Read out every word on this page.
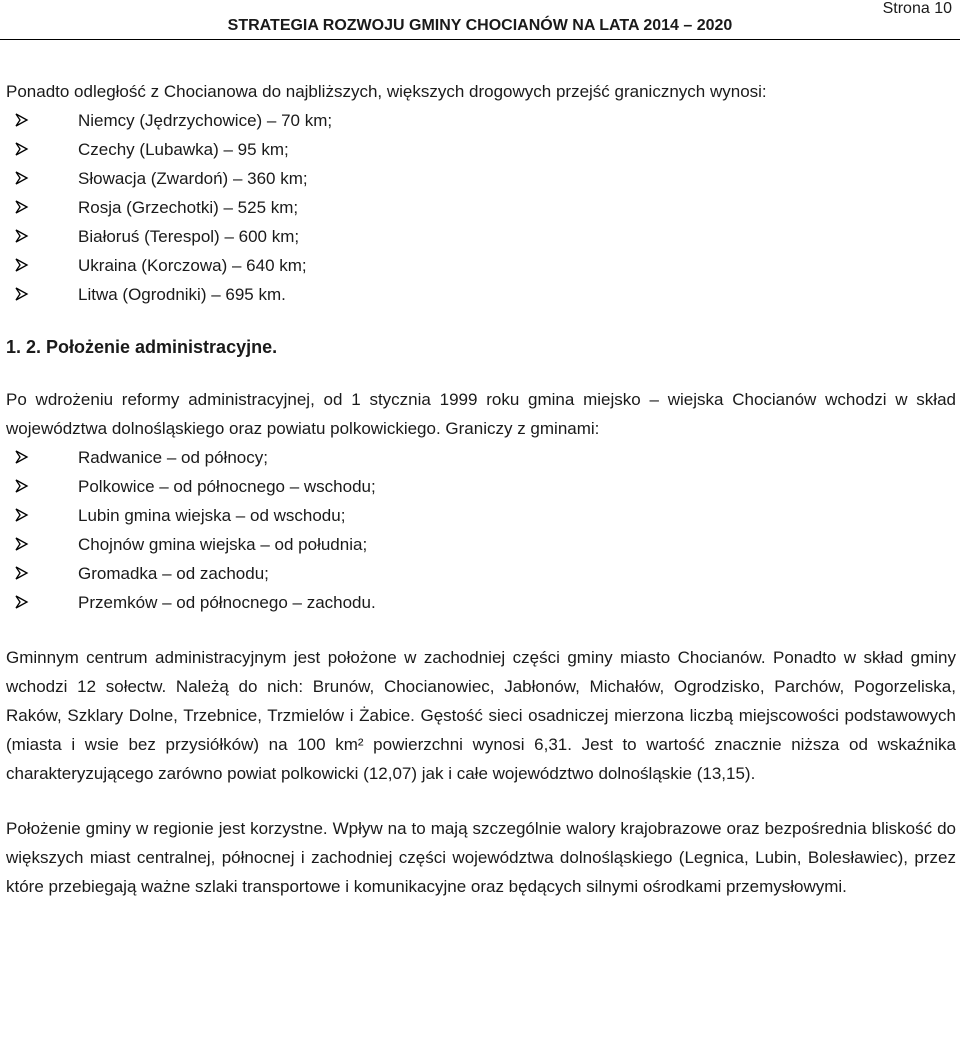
Strona 10
STRATEGIA ROZWOJU GMINY CHOCIANÓW NA LATA 2014 – 2020

Ponadto odległość z Chocianowa do najbliższych, większych drogowych przejść granicznych wynosi:

Niemcy (Jędrzychowice) – 70 km;
Czechy (Lubawka) – 95 km;
Słowacja (Zwardoń) – 360 km;
Rosja (Grzechotki) – 525 km;
Białoruś (Terespol) – 600 km;
Ukraina (Korczowa) – 640 km;
Litwa (Ogrodniki) – 695 km.
1. 2. Położenie administracyjne.

Po wdrożeniu reformy administracyjnej, od 1 stycznia 1999 roku gmina miejsko – wiejska Chocianów wchodzi w skład województwa dolnośląskiego oraz powiatu polkowickiego. Graniczy z gminami:

Radwanice – od północy;
Polkowice – od północnego – wschodu;
Lubin gmina wiejska – od wschodu;
Chojnów gmina wiejska – od południa;
Gromadka – od zachodu;
Przemków – od północnego – zachodu.

Gminnym centrum administracyjnym jest położone w zachodniej części gminy miasto Chocianów. Ponadto w skład gminy wchodzi 12 sołectw. Należą do nich: Brunów, Chocianowiec, Jabłonów, Michałów, Ogrodzisko, Parchów, Pogorzeliska, Raków, Szklary Dolne, Trzebnice, Trzmielów i Żabice. Gęstość sieci osadniczej mierzona liczbą miejscowości podstawowych (miasta i wsie bez przysiółków) na 100 km² powierzchni wynosi 6,31. Jest to wartość znacznie niższa od wskaźnika charakteryzującego zarówno powiat polkowicki (12,07) jak i całe województwo dolnośląskie (13,15).

Położenie gminy w regionie jest korzystne. Wpływ na to mają szczególnie walory krajobrazowe oraz bezpośrednia bliskość do większych miast centralnej, północnej i zachodniej części województwa dolnośląskiego (Legnica, Lubin, Bolesławiec), przez które przebiegają ważne szlaki transportowe i komunikacyjne oraz będących silnymi ośrodkami przemysłowymi.
